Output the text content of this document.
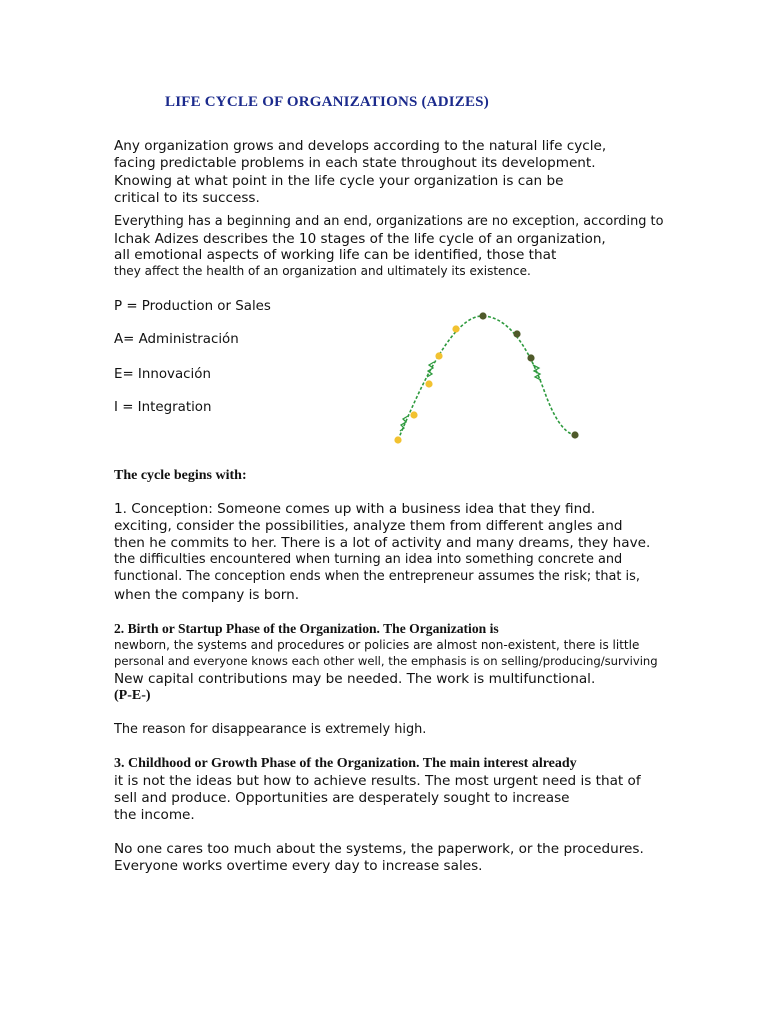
LIFE CYCLE OF ORGANIZATIONS (ADIZES)
Any organization grows and develops according to the natural life cycle,
facing predictable problems in each state throughout its development.
Knowing at what point in the life cycle your organization is can be
critical to its success.
Everything has a beginning and an end, organizations are no exception, according to
Ichak Adizes describes the 10 stages of the life cycle of an organization,
all emotional aspects of working life can be identified, those that
they affect the health of an organization and ultimately its existence.
P = Production or Sales
A= Administración
E= Innovación
I = Integration
The cycle begins with:
1. Conception: Someone comes up with a business idea that they find.
exciting, consider the possibilities, analyze them from different angles and
then he commits to her. There is a lot of activity and many dreams, they have.
the difficulties encountered when turning an idea into something concrete and
functional. The conception ends when the entrepreneur assumes the risk; that is,
when the company is born.
2. Birth or Startup Phase of the Organization. The Organization is
newborn, the systems and procedures or policies are almost non-existent, there is little
personal and everyone knows each other well, the emphasis is on selling/producing/surviving
New capital contributions may be needed. The work is multifunctional.
(P-E-)
The reason for disappearance is extremely high.
3. Childhood or Growth Phase of the Organization. The main interest already
it is not the ideas but how to achieve results. The most urgent need is that of
sell and produce. Opportunities are desperately sought to increase
the income.
No one cares too much about the systems, the paperwork, or the procedures.
Everyone works overtime every day to increase sales.
